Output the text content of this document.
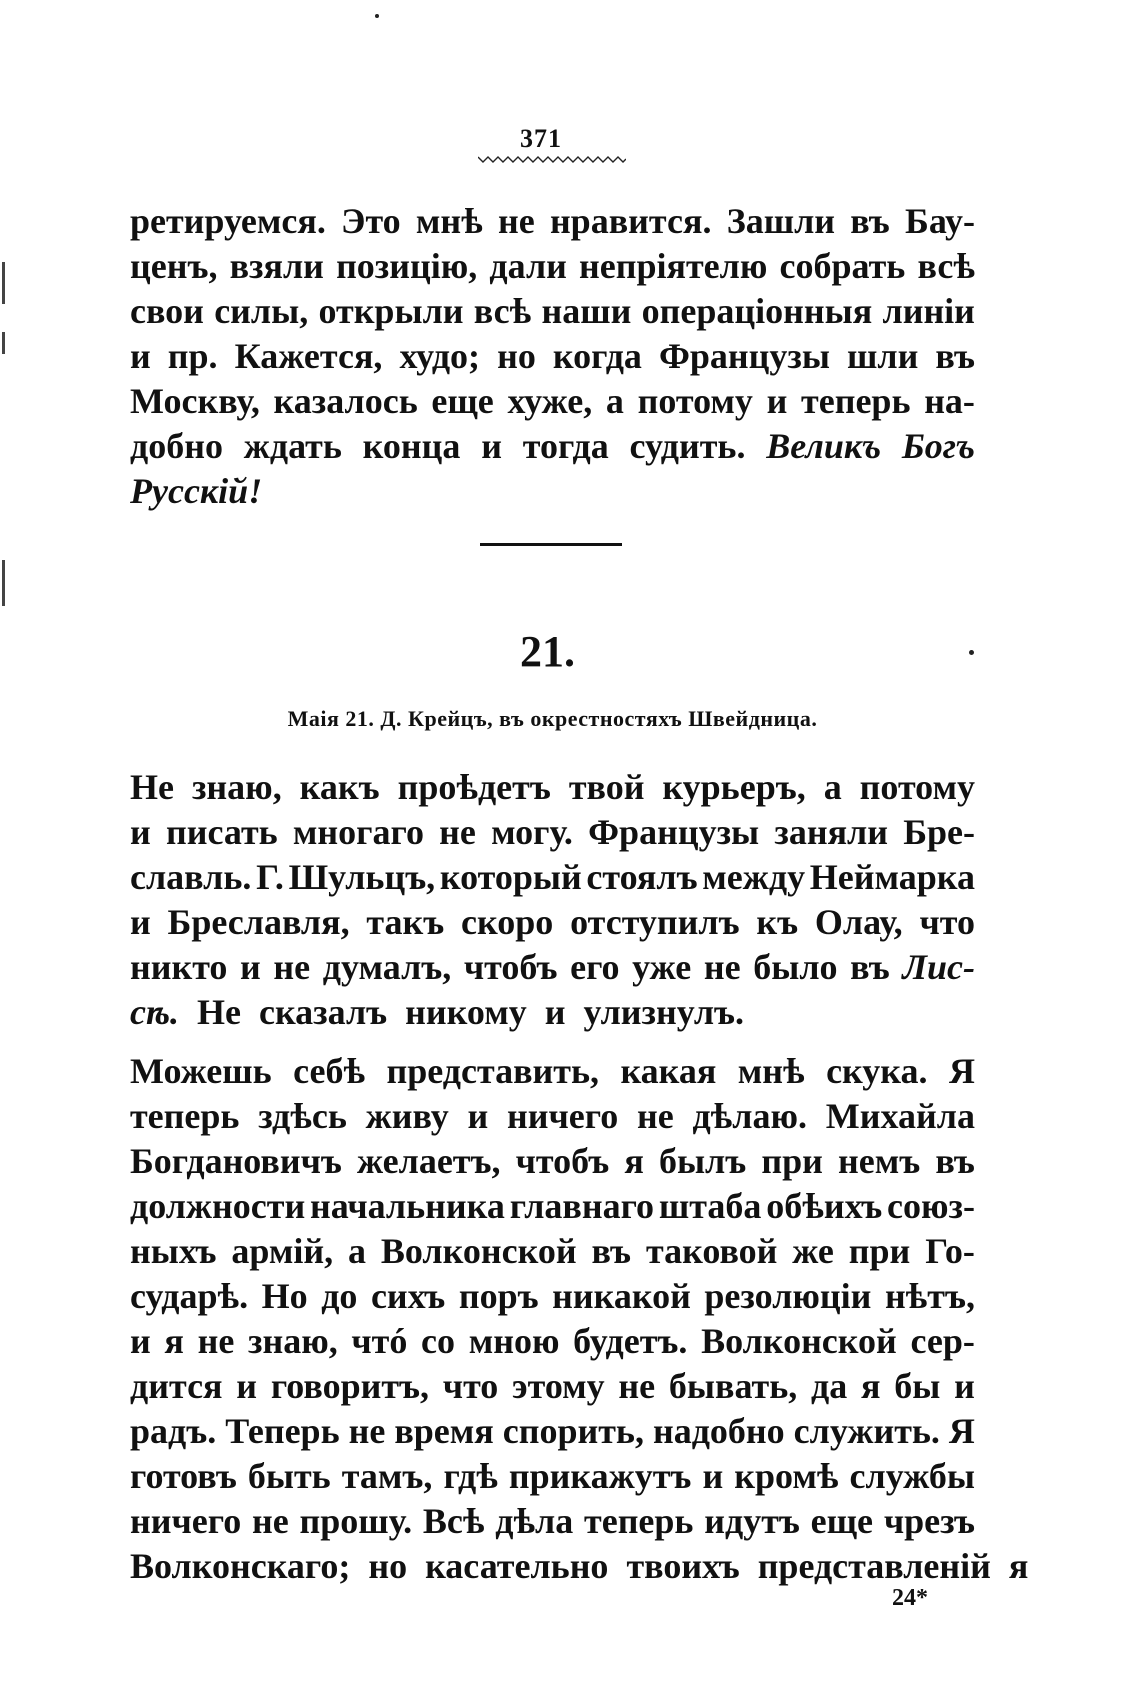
371
ретируемся. Это мнѣ не нравится. Зашли въ Бау-
ценъ, взяли позицію, дали непріятелю собрать всѣ
свои силы, открыли всѣ наши операціонныя линіи
и пр. Кажется, худо; но когда Французы шли въ
Москву, казалось еще хуже, а потому и теперь на-
добно ждать конца и тогда судить. Великъ Богъ
Русскій!
21.
Маія 21. Д. Крейцъ, въ окрестностяхъ Швейдница.
Не знаю, какъ проѣдетъ твой курьеръ, а потому
и писать многаго не могу. Французы заняли Бре-
славль. Г. Шульцъ, который стоялъ между Неймарка
и Бреславля, такъ скоро отступилъ къ Олау, что
никто и не думалъ, чтобъ его уже не было въ Лис-
сѣ. Не сказалъ никому и улизнулъ.
Можешь себѣ представить, какая мнѣ скука. Я
теперь здѣсь живу и ничего не дѣлаю. Михайла
Богдановичъ желаетъ, чтобъ я былъ при немъ въ
должности начальника главнаго штаба обѣихъ союз-
ныхъ армій, а Волконской въ таковой же при Го-
сударѣ. Но до сихъ поръ никакой резолюціи нѣтъ,
и я не знаю, чтó со мною будетъ. Волконской сер-
дится и говоритъ, что этому не бывать, да я бы и
радъ. Теперь не время спорить, надобно служить. Я
готовъ быть тамъ, гдѣ прикажутъ и кромѣ службы
ничего не прошу. Всѣ дѣла теперь идутъ еще чрезъ
Волконскаго; но касательно твоихъ представленій я
24*
